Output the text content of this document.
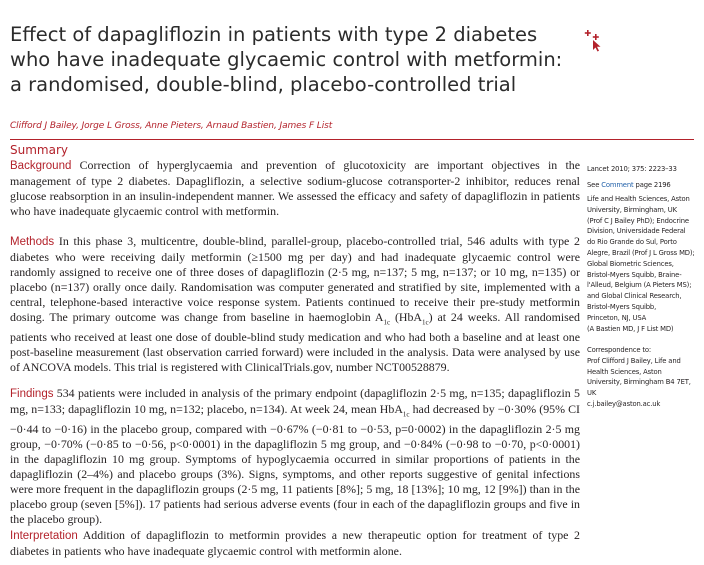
Effect of dapagliflozin in patients with type 2 diabetes
who have inadequate glycaemic control with metformin:
a randomised, double-blind, placebo-controlled trial
Clifford J Bailey, Jorge L Gross, Anne Pieters, Arnaud Bastien, James F List
Summary
Background Correction of hyperglycaemia and prevention of glucotoxicity are important objectives in the management of type 2 diabetes. Dapagliflozin, a selective sodium-glucose cotransporter-2 inhibitor, reduces renal glucose reabsorption in an insulin-independent manner. We assessed the efficacy and safety of dapagliflozin in patients who have inadequate glycaemic control with metformin.
Methods In this phase 3, multicentre, double-blind, parallel-group, placebo-controlled trial, 546 adults with type 2 diabetes who were receiving daily metformin (≥1500 mg per day) and had inadequate glycaemic control were randomly assigned to receive one of three doses of dapagliflozin (2·5 mg, n=137; 5 mg, n=137; or 10 mg, n=135) or placebo (n=137) orally once daily. Randomisation was computer generated and stratified by site, implemented with a central, telephone-based interactive voice response system. Patients continued to receive their pre-study metformin dosing. The primary outcome was change from baseline in haemoglobin $A_{1c}$ (HbA$_{1c}$) at 24 weeks. All randomised patients who received at least one dose of double-blind study medication and who had both a baseline and at least one post-baseline measurement (last observation carried forward) were included in the analysis. Data were analysed by use of ANCOVA models. This trial is registered with ClinicalTrials.gov, number NCT00528879.
Findings 534 patients were included in analysis of the primary endpoint (dapagliflozin 2·5 mg, n=135; dapagliflozin 5 mg, n=133; dapagliflozin 10 mg, n=132; placebo, n=134). At week 24, mean HbA$_{1c}$ had decreased by −0·30% (95% CI −0·44 to −0·16) in the placebo group, compared with −0·67% (−0·81 to −0·53, p=0·0002) in the dapagliflozin 2·5 mg group, −0·70% (−0·85 to −0·56, p<0·0001) in the dapagliflozin 5 mg group, and −0·84% (−0·98 to −0·70, p<0·0001) in the dapagliflozin 10 mg group. Symptoms of hypoglycaemia occurred in similar proportions of patients in the dapagliflozin (2–4%) and placebo groups (3%). Signs, symptoms, and other reports suggestive of genital infections were more frequent in the dapagliflozin groups (2·5 mg, 11 patients [8%]; 5 mg, 18 [13%]; 10 mg, 12 [9%]) than in the placebo group (seven [5%]). 17 patients had serious adverse events (four in each of the dapagliflozin groups and five in the placebo group).
Interpretation Addition of dapagliflozin to metformin provides a new therapeutic option for treatment of type 2 diabetes in patients who have inadequate glycaemic control with metformin alone.
Lancet 2010; 375: 2223–33
See Comment page 2196
Life and Health Sciences, Aston
University, Birmingham, UK
(Prof C J Bailey PhD); Endocrine
Division, Universidade Federal
do Rio Grande do Sul, Porto
Alegre, Brazil (Prof J L Gross MD);
Global Biometric Sciences,
Bristol-Myers Squibb, Braine-
l'Alleud, Belgium (A Pieters MS);
and Global Clinical Research,
Bristol-Myers Squibb,
Princeton, NJ, USA
(A Bastien MD, J F List MD)
Correspondence to:
Prof Clifford J Bailey, Life and
Health Sciences, Aston
University, Birmingham B4 7ET,
UK
c.j.bailey@aston.ac.uk
